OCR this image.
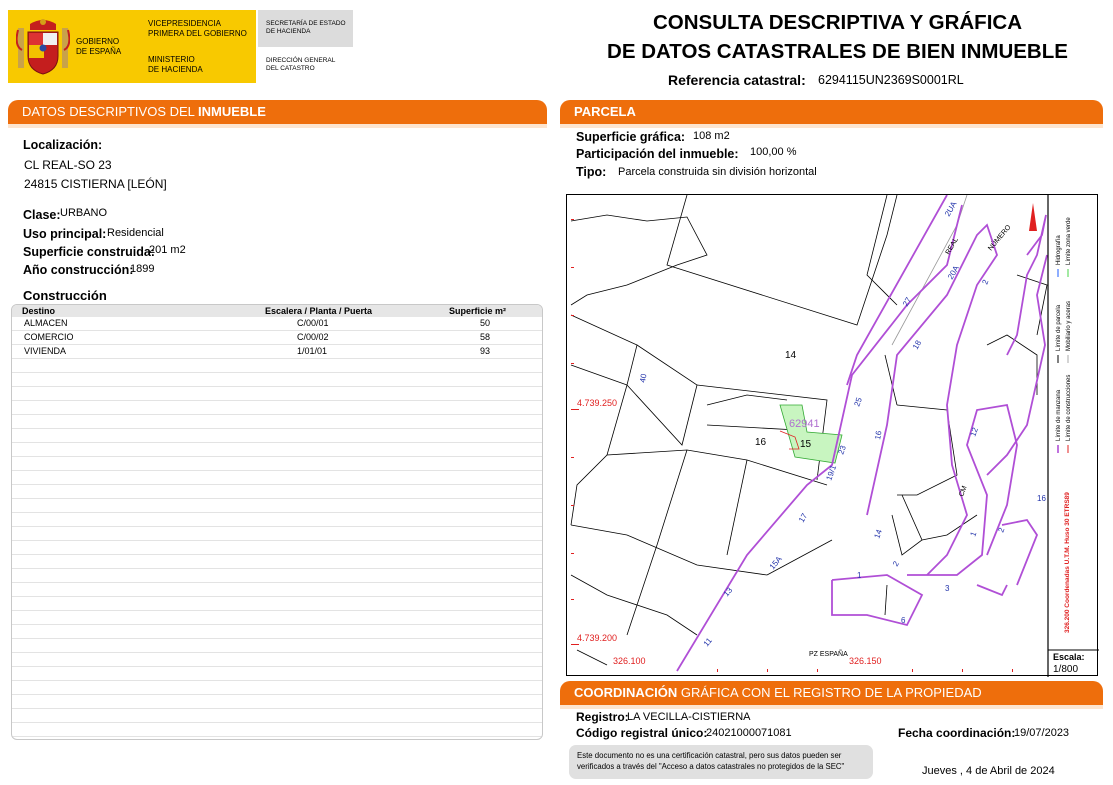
GOBIERNO
DE ESPAÑA
VICEPRESIDENCIA
PRIMERA DEL GOBIERNO
MINISTERIO
DE HACIENDA
SECRETARÍA DE ESTADO
DE HACIENDA
DIRECCIÓN GENERAL
DEL CATASTRO
CONSULTA DESCRIPTIVA Y GRÁFICA
DE DATOS CATASTRALES DE BIEN INMUEBLE
Referencia catastral: 6294115UN2369S0001RL
DATOS DESCRIPTIVOS DEL INMUEBLE
Localización:
CL REAL-SO 23
24815 CISTIERNA [LEÓN]
Clase: URBANO
Uso principal: Residencial
Superficie construida:
201 m2
Año construcción:
1899
Construcción
Destino	Escalera / Planta / Puerta	Superficie m²
ALMACEN	C/00/01	50
COMERCIO	C/00/02	58
VIVIENDA	1/01/01	93
PARCELA
Superficie gráfica: 108 m2
Participación del inmueble: 100,00 %
Tipo: Parcela construida sin división horizontal
2UA
27
20A
18
25
23
19/1
17
15A
13
11
40
2
12
16
14
2
1
3
1
6
16
2
REAL	NÚMERO
CM
PZ ESPAÑA
14
15
16
62941
4.739.250
4.739.200
326.100	326.150
Hidrografía Límite zona verde
Límite de parcela Mobiliario y aceras
Límite de manzana Límite de construcciones
326.200 Coordenadas U.T.M. Huso 30 ETRS89
Escala:
1/800
COORDINACIÓN GRÁFICA CON EL REGISTRO DE LA PROPIEDAD
Registro:
LA VECILLA-CISTIERNA
Código registral único:
24021000071081	Fecha coordinación:
19/07/2023
Este documento no es una certificación catastral, pero sus datos pueden ser verificados a través del "Acceso a datos catastrales no protegidos de la SEC"	Jueves , 4 de Abril de 2024
